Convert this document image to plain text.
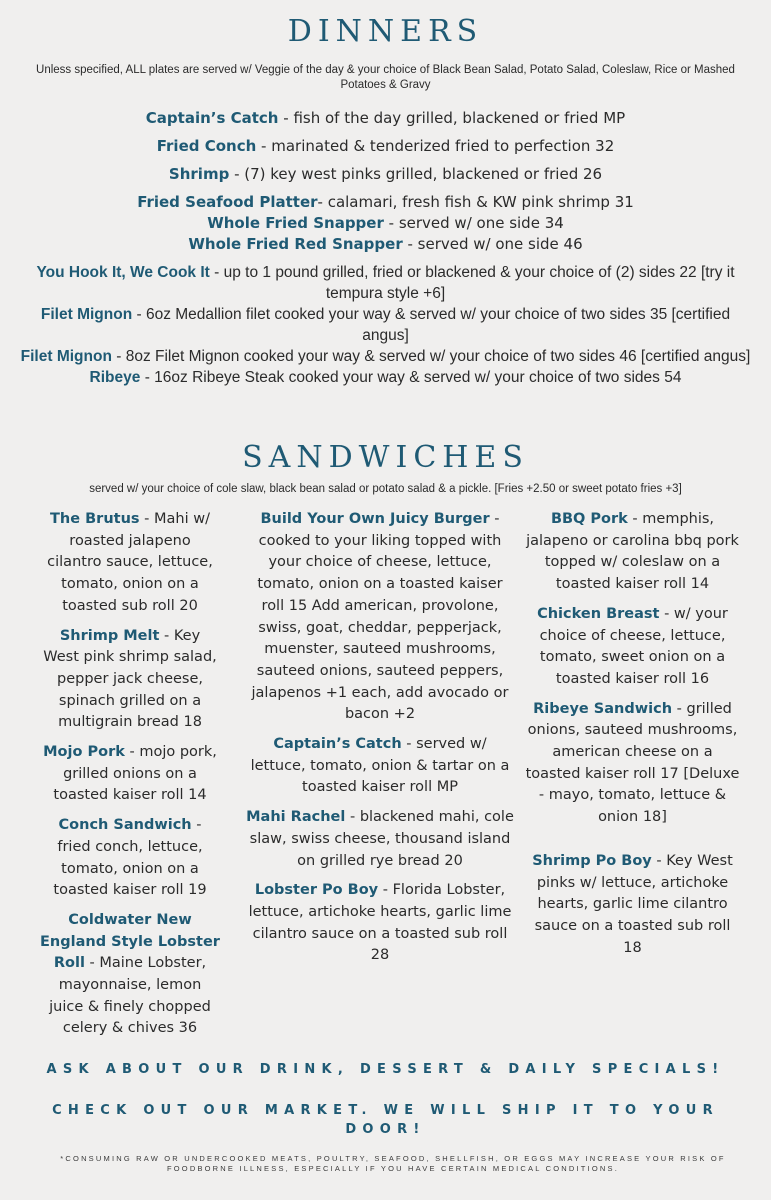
DINNERS
Unless specified, ALL plates are served w/ Veggie of the day & your choice of Black Bean Salad, Potato Salad, Coleslaw, Rice or Mashed Potatoes & Gravy

Captain’s Catch - fish of the day grilled, blackened or fried MP

Fried Conch - marinated & tenderized fried to perfection 32

Shrimp - (7) key west pinks grilled, blackened or fried 26

Fried Seafood Platter- calamari, fresh fish & KW pink shrimp 31

Whole Fried Snapper - served w/ one side 34

Whole Fried Red Snapper - served w/ one side 46

You Hook It, We Cook It - up to 1 pound grilled, fried or blackened & your choice of (2) sides 22 [try it tempura style +6]

Filet Mignon - 6oz Medallion filet cooked your way & served w/ your choice of two sides 35 [certified angus]

Filet Mignon - 8oz Filet Mignon cooked your way & served w/ your choice of two sides 46 [certified angus]

Ribeye - 16oz Ribeye Steak cooked your way & served w/ your choice of two sides 54

SANDWICHES
served w/ your choice of cole slaw, black bean salad or potato salad & a pickle. [Fries +2.50 or sweet potato fries +3]

The Brutus - Mahi w/ roasted jalapeno cilantro sauce, lettuce, tomato, onion on a toasted sub roll 20

Shrimp Melt - Key West pink shrimp salad, pepper jack cheese, spinach grilled on a multigrain bread 18

Mojo Pork - mojo pork, grilled onions on a toasted kaiser roll 14

Conch Sandwich - fried conch, lettuce, tomato, onion on a toasted kaiser roll 19

Coldwater New England Style Lobster Roll - Maine Lobster, mayonnaise, lemon juice & finely chopped celery & chives 36

Build Your Own Juicy Burger - cooked to your liking topped with your choice of cheese, lettuce, tomato, onion on a toasted kaiser roll 15 Add american, provolone, swiss, goat, cheddar, pepperjack, muenster, sauteed mushrooms, sauteed onions, sauteed peppers, jalapenos +1 each, add avocado or bacon +2

Captain’s Catch - served w/ lettuce, tomato, onion & tartar on a toasted kaiser roll MP

Mahi Rachel - blackened mahi, cole slaw, swiss cheese, thousand island on grilled rye bread 20

Lobster Po Boy - Florida Lobster, lettuce, artichoke hearts, garlic lime cilantro sauce on a toasted sub roll 28

BBQ Pork - memphis, jalapeno or carolina bbq pork topped w/ coleslaw on a toasted kaiser roll 14

Chicken Breast - w/ your choice of cheese, lettuce, tomato, sweet onion on a toasted kaiser roll 16

Ribeye Sandwich - grilled onions, sauteed mushrooms, american cheese on a toasted kaiser roll 17 [Deluxe - mayo, tomato, lettuce & onion 18]

Shrimp Po Boy - Key West pinks w/ lettuce, artichoke hearts, garlic lime cilantro sauce on a toasted sub roll 18

ASK ABOUT OUR DRINK, DESSERT & DAILY SPECIALS!
CHECK OUT OUR MARKET. WE WILL SHIP IT TO YOUR DOOR!
*CONSUMING RAW OR UNDERCOOKED MEATS, POULTRY, SEAFOOD, SHELLFISH, OR EGGS MAY INCREASE YOUR RISK OF FOODBORNE ILLNESS, ESPECIALLY IF YOU HAVE CERTAIN MEDICAL CONDITIONS.
